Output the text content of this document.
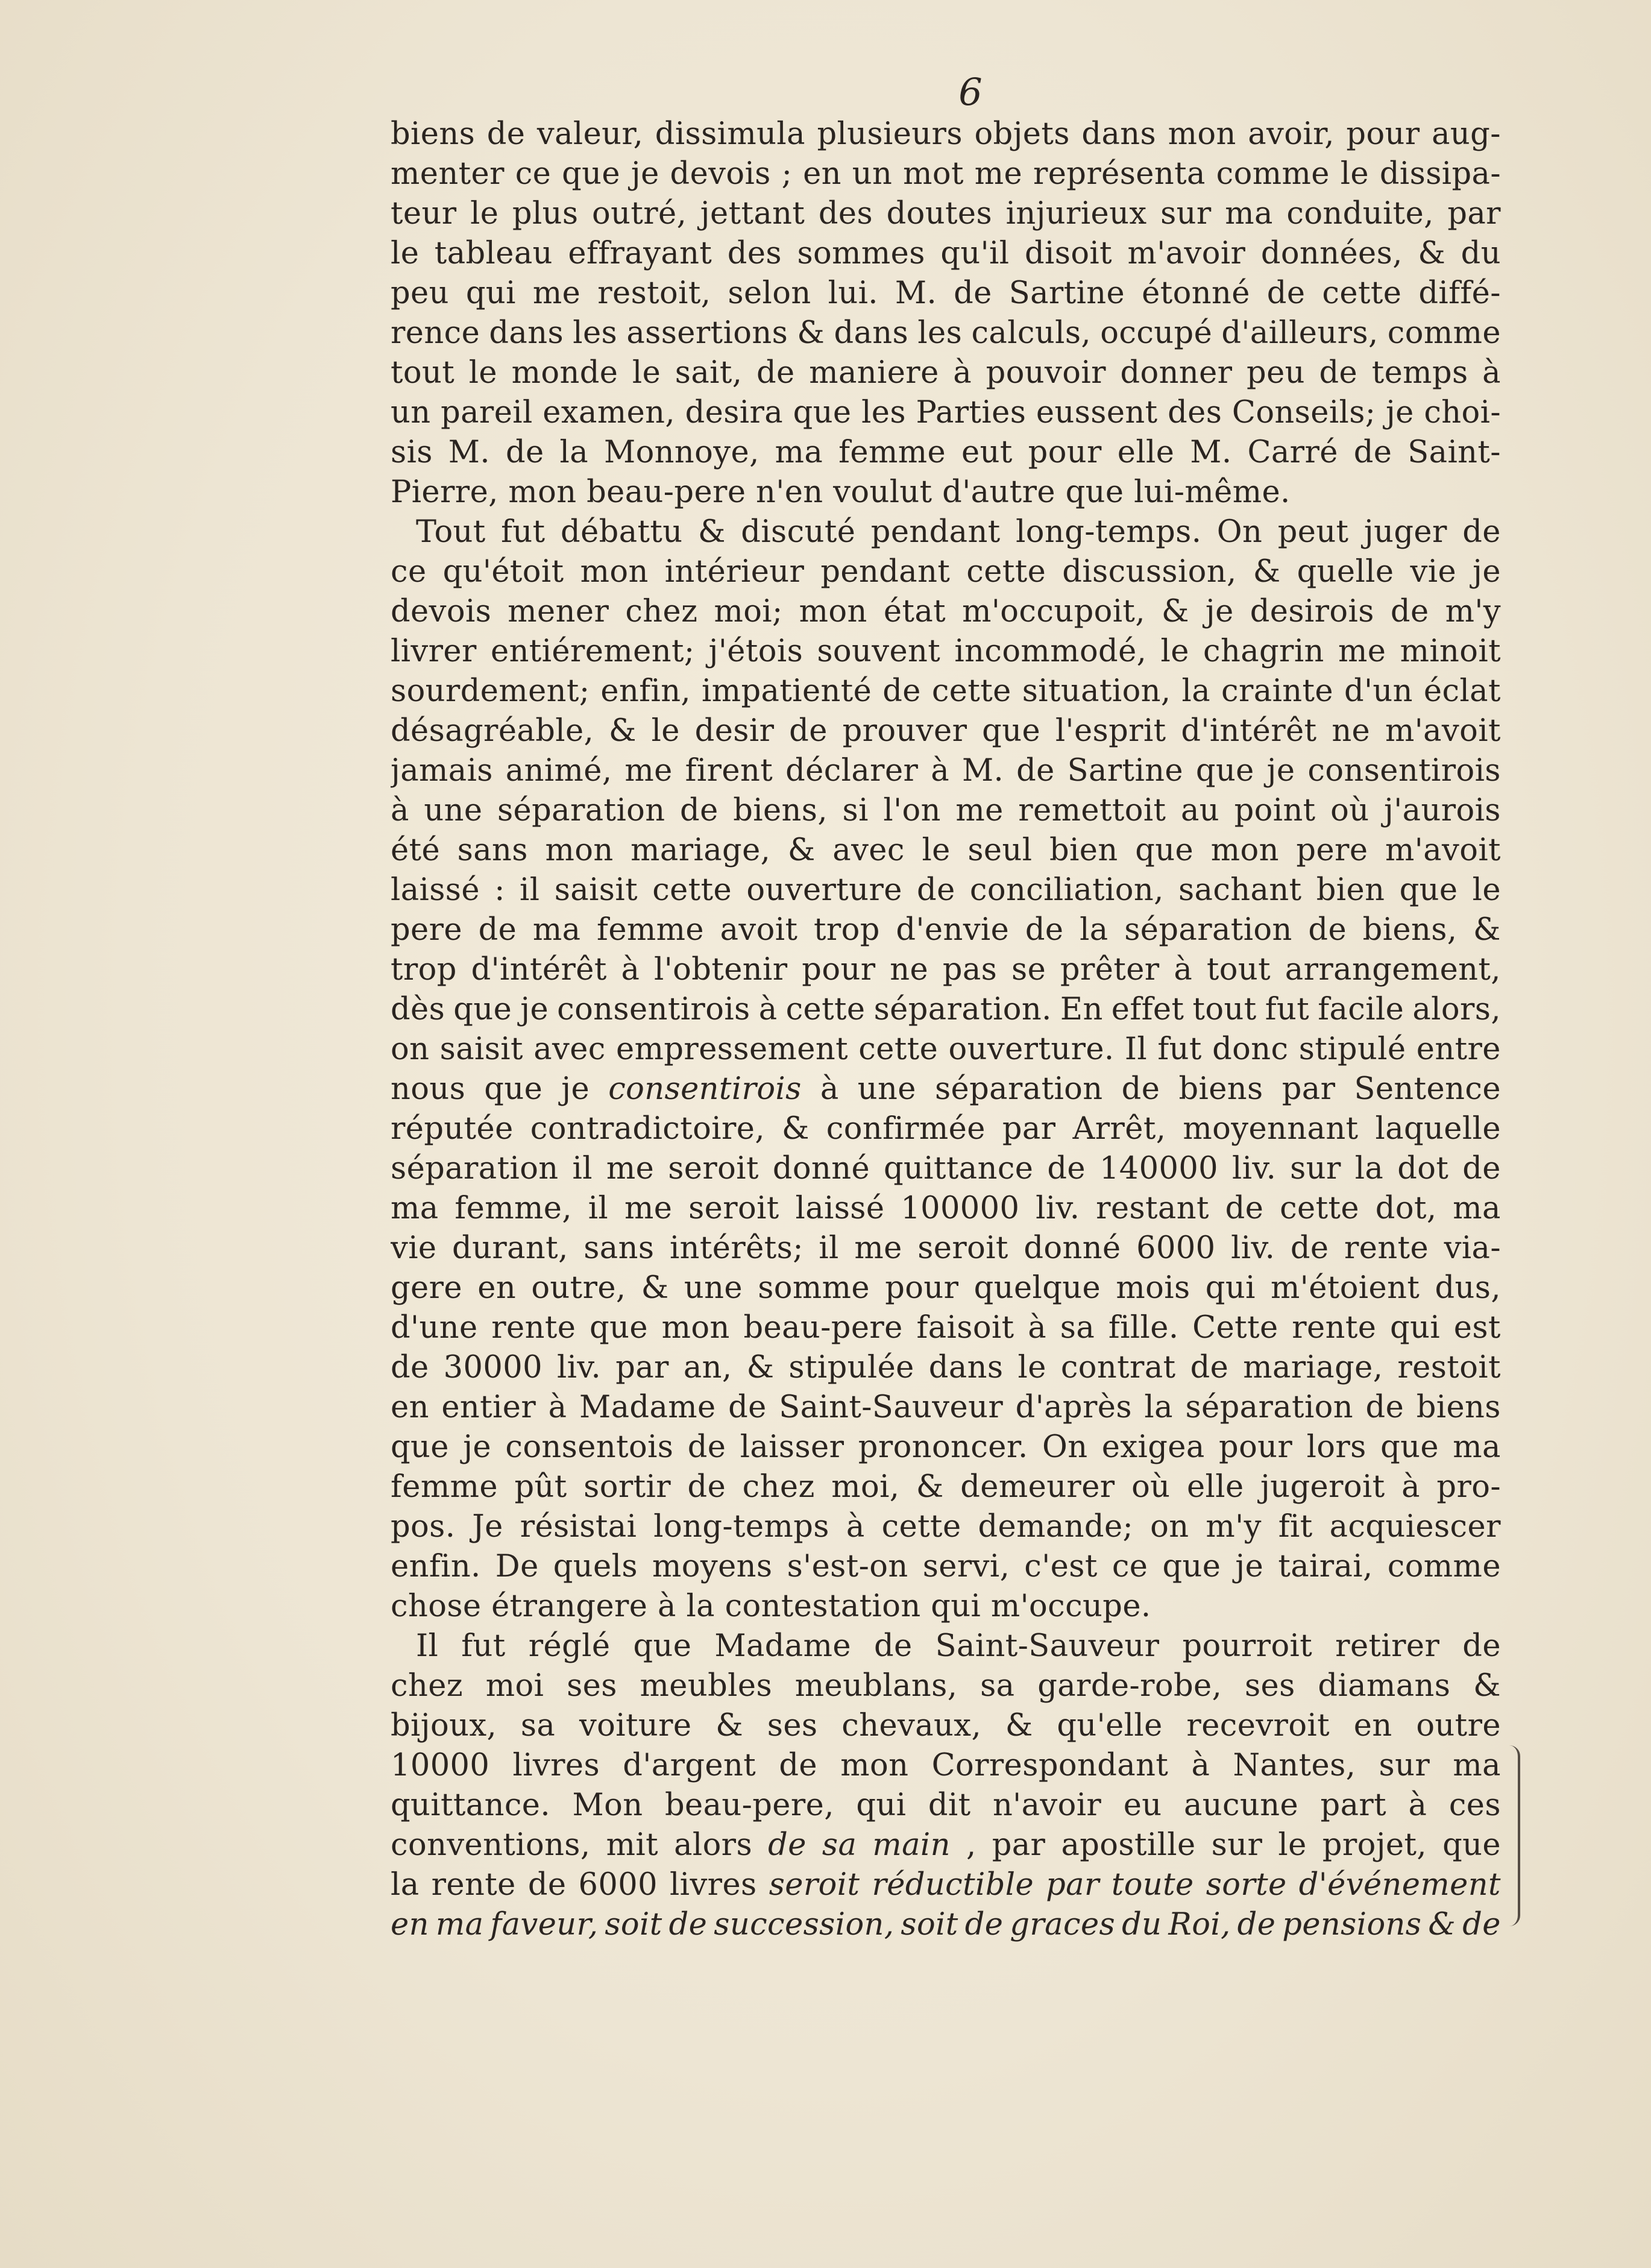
6
biens de valeur, dissimula plusieurs objets dans mon avoir, pour aug-
menter ce que je devois ; en un mot me représenta comme le dissipa-
teur le plus outré, jettant des doutes injurieux sur ma conduite, par
le tableau effrayant des sommes qu'il disoit m'avoir données, & du
peu qui me restoit, selon lui. M. de Sartine étonné de cette diffé-
rence dans les assertions & dans les calculs, occupé d'ailleurs, comme
tout le monde le sait, de maniere à pouvoir donner peu de temps à
un pareil examen, desira que les Parties eussent des Conseils; je choi-
sis M. de la Monnoye, ma femme eut pour elle M. Carré de Saint-
Pierre, mon beau-pere n'en voulut d'autre que lui-même.
Tout fut débattu & discuté pendant long-temps. On peut juger de
ce qu'étoit mon intérieur pendant cette discussion, & quelle vie je
devois mener chez moi; mon état m'occupoit, & je desirois de m'y
livrer entiérement; j'étois souvent incommodé, le chagrin me minoit
sourdement; enfin, impatienté de cette situation, la crainte d'un éclat
désagréable, & le desir de prouver que l'esprit d'intérêt ne m'avoit
jamais animé, me firent déclarer à M. de Sartine que je consentirois
à une séparation de biens, si l'on me remettoit au point où j'aurois
été sans mon mariage, & avec le seul bien que mon pere m'avoit
laissé : il saisit cette ouverture de conciliation, sachant bien que le
pere de ma femme avoit trop d'envie de la séparation de biens, &
trop d'intérêt à l'obtenir pour ne pas se prêter à tout arrangement,
dès que je consentirois à cette séparation. En effet tout fut facile alors,
on saisit avec empressement cette ouverture. Il fut donc stipulé entre
nous que je consentirois à une séparation de biens par Sentence
réputée contradictoire, & confirmée par Arrêt, moyennant laquelle
séparation il me seroit donné quittance de 140000 liv. sur la dot de
ma femme, il me seroit laissé 100000 liv. restant de cette dot, ma
vie durant, sans intérêts; il me seroit donné 6000 liv. de rente via-
gere en outre, & une somme pour quelque mois qui m'étoient dus,
d'une rente que mon beau-pere faisoit à sa fille. Cette rente qui est
de 30000 liv. par an, & stipulée dans le contrat de mariage, restoit
en entier à Madame de Saint-Sauveur d'après la séparation de biens
que je consentois de laisser prononcer. On exigea pour lors que ma
femme pût sortir de chez moi, & demeurer où elle jugeroit à pro-
pos. Je résistai long-temps à cette demande; on m'y fit acquiescer
enfin. De quels moyens s'est-on servi, c'est ce que je tairai, comme
chose étrangere à la contestation qui m'occupe.
Il fut réglé que Madame de Saint-Sauveur pourroit retirer de
chez moi ses meubles meublans, sa garde-robe, ses diamans &
bijoux, sa voiture & ses chevaux, & qu'elle recevroit en outre
10000 livres d'argent de mon Correspondant à Nantes, sur ma
quittance. Mon beau-pere, qui dit n'avoir eu aucune part à ces
conventions, mit alors de sa main , par apostille sur le projet, que
la rente de 6000 livres seroit réductible par toute sorte d'événement
en ma faveur, soit de succession, soit de graces du Roi, de pensions & de
